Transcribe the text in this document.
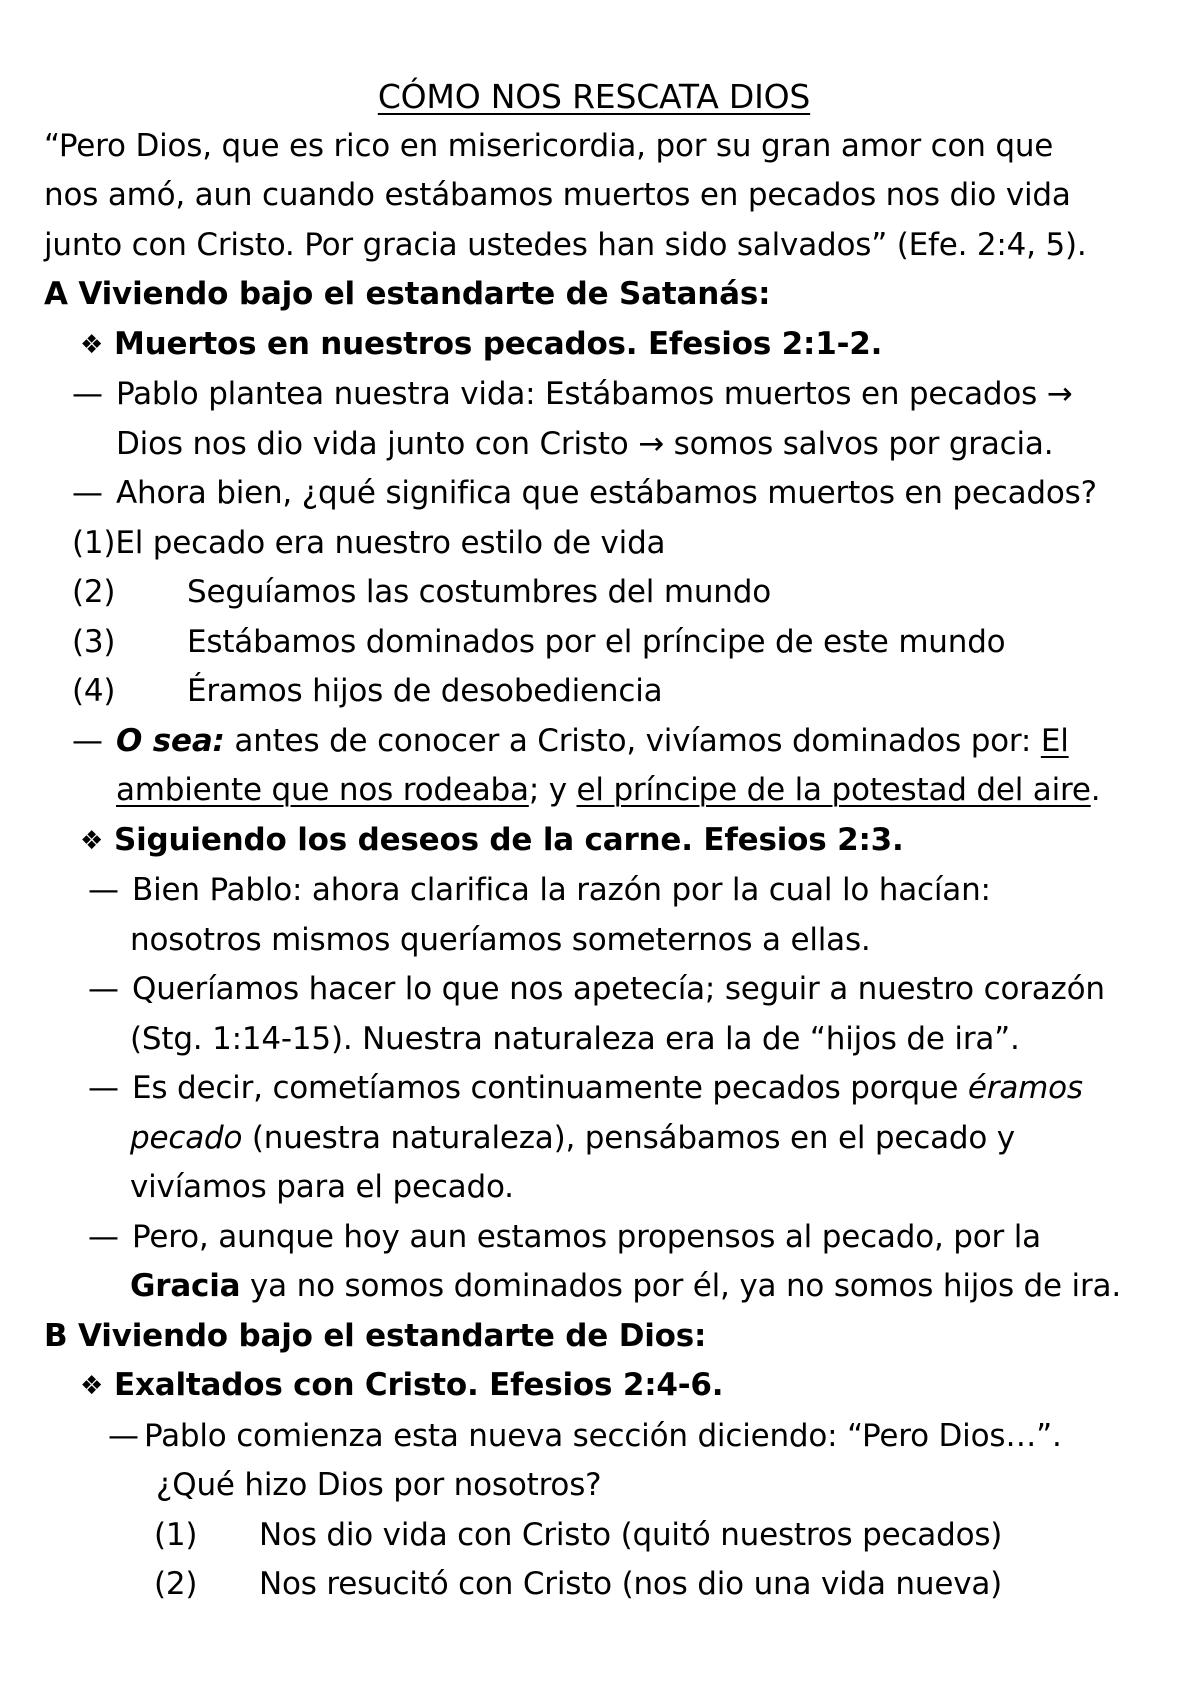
CÓMO NOS RESCATA DIOS
“Pero Dios, que es rico en misericordia, por su gran amor con que
nos amó, aun cuando estábamos muertos en pecados nos dio vida
junto con Cristo. Por gracia ustedes han sido salvados” (Efe. 2:4, 5).
A Viviendo bajo el estandarte de Satanás:
❖ Muertos en nuestros pecados. Efesios 2:1-2.
— Pablo plantea nuestra vida: Estábamos muertos en pecados →
Dios nos dio vida junto con Cristo → somos salvos por gracia.
— Ahora bien, ¿qué significa que estábamos muertos en pecados?
(1)El pecado era nuestro estilo de vida
(2) Seguíamos las costumbres del mundo
(3) Estábamos dominados por el príncipe de este mundo
(4) Éramos hijos de desobediencia
— O sea: antes de conocer a Cristo, vivíamos dominados por: El
ambiente que nos rodeaba; y el príncipe de la potestad del aire.
❖ Siguiendo los deseos de la carne. Efesios 2:3.
— Bien Pablo: ahora clarifica la razón por la cual lo hacían:
nosotros mismos queríamos someternos a ellas.
— Queríamos hacer lo que nos apetecía; seguir a nuestro corazón
(Stg. 1:14-15). Nuestra naturaleza era la de “hijos de ira”.
— Es decir, cometíamos continuamente pecados porque éramos
pecado (nuestra naturaleza), pensábamos en el pecado y
vivíamos para el pecado.
— Pero, aunque hoy aun estamos propensos al pecado, por la
Gracia ya no somos dominados por él, ya no somos hijos de ira.
B Viviendo bajo el estandarte de Dios:
❖ Exaltados con Cristo. Efesios 2:4-6.
— Pablo comienza esta nueva sección diciendo: “Pero Dios…”.
¿Qué hizo Dios por nosotros?
(1) Nos dio vida con Cristo (quitó nuestros pecados)
(2) Nos resucitó con Cristo (nos dio una vida nueva)
